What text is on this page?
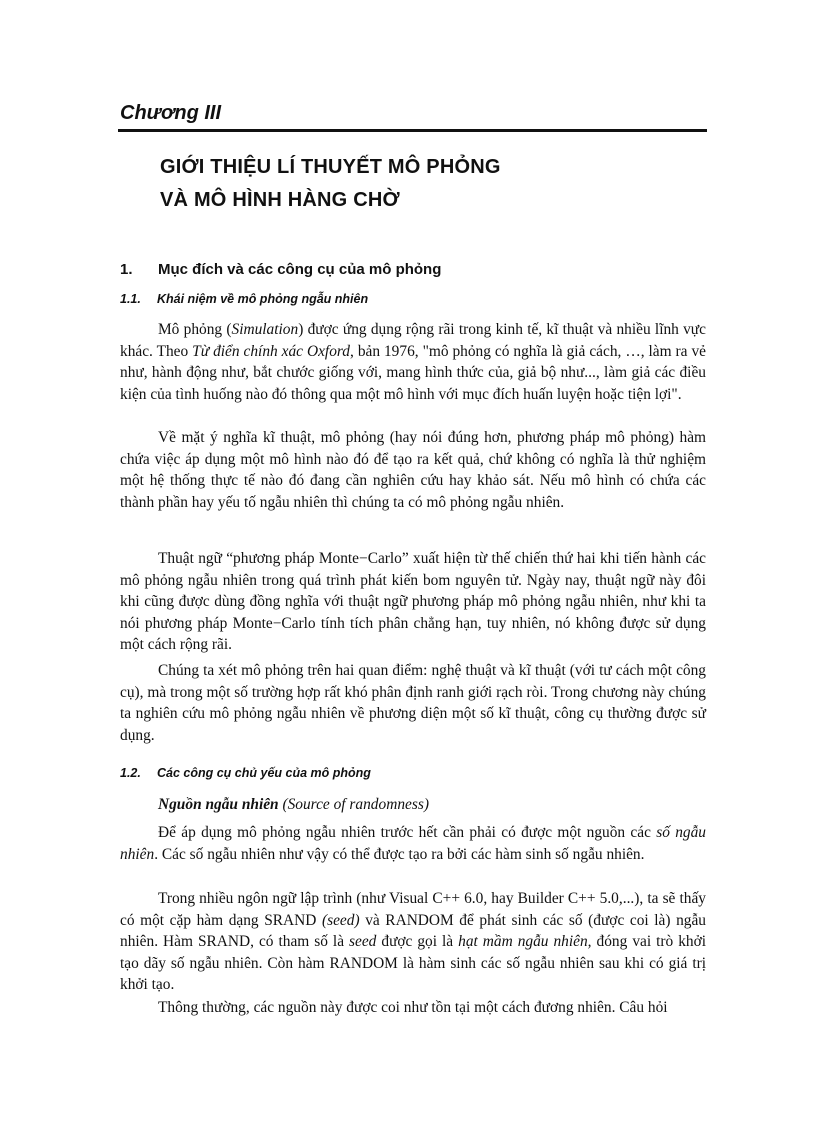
Chương III
GIỚI THIỆU LÍ THUYẾT MÔ PHỎNG
VÀ MÔ HÌNH HÀNG CHỜ
1. Mục đích và các công cụ của mô phỏng
1.1. Khái niệm về mô phỏng ngẫu nhiên

Mô phỏng (Simulation) được ứng dụng rộng rãi trong kinh tế, kĩ thuật và nhiều lĩnh vực khác. Theo Từ điển chính xác Oxford, bản 1976, "mô phỏng có nghĩa là giả cách, …, làm ra vẻ như, hành động như, bắt chước giống với, mang hình thức của, giả bộ như..., làm giả các điều kiện của tình huống nào đó thông qua một mô hình với mục đích huấn luyện hoặc tiện lợi".

Về mặt ý nghĩa kĩ thuật, mô phỏng (hay nói đúng hơn, phương pháp mô phỏng) hàm chứa việc áp dụng một mô hình nào đó để tạo ra kết quả, chứ không có nghĩa là thử nghiệm một hệ thống thực tế nào đó đang cần nghiên cứu hay khảo sát. Nếu mô hình có chứa các thành phần hay yếu tố ngẫu nhiên thì chúng ta có mô phỏng ngẫu nhiên.

Thuật ngữ “phương pháp Monte−Carlo” xuất hiện từ thế chiến thứ hai khi tiến hành các mô phỏng ngẫu nhiên trong quá trình phát kiến bom nguyên tử. Ngày nay, thuật ngữ này đôi khi cũng được dùng đồng nghĩa với thuật ngữ phương pháp mô phỏng ngẫu nhiên, như khi ta nói phương pháp Monte−Carlo tính tích phân chẳng hạn, tuy nhiên, nó không được sử dụng một cách rộng rãi.

Chúng ta xét mô phỏng trên hai quan điểm: nghệ thuật và kĩ thuật (với tư cách một công cụ), mà trong một số trường hợp rất khó phân định ranh giới rạch ròi. Trong chương này chúng ta nghiên cứu mô phỏng ngẫu nhiên về phương diện một số kĩ thuật, công cụ thường được sử dụng.

1.2. Các công cụ chủ yếu của mô phỏng
Nguồn ngẫu nhiên (Source of randomness)

Để áp dụng mô phỏng ngẫu nhiên trước hết cần phải có được một nguồn các số ngẫu nhiên. Các số ngẫu nhiên như vậy có thể được tạo ra bởi các hàm sinh số ngẫu nhiên.

Trong nhiều ngôn ngữ lập trình (như Visual C++ 6.0, hay Builder C++ 5.0,...), ta sẽ thấy có một cặp hàm dạng SRAND (seed) và RANDOM để phát sinh các số (được coi là) ngẫu nhiên. Hàm SRAND, có tham số là seed được gọi là hạt mầm ngẫu nhiên, đóng vai trò khởi tạo dãy số ngẫu nhiên. Còn hàm RANDOM là hàm sinh các số ngẫu nhiên sau khi có giá trị khởi tạo.

Thông thường, các nguồn này được coi như tồn tại một cách đương nhiên. Câu hỏi
